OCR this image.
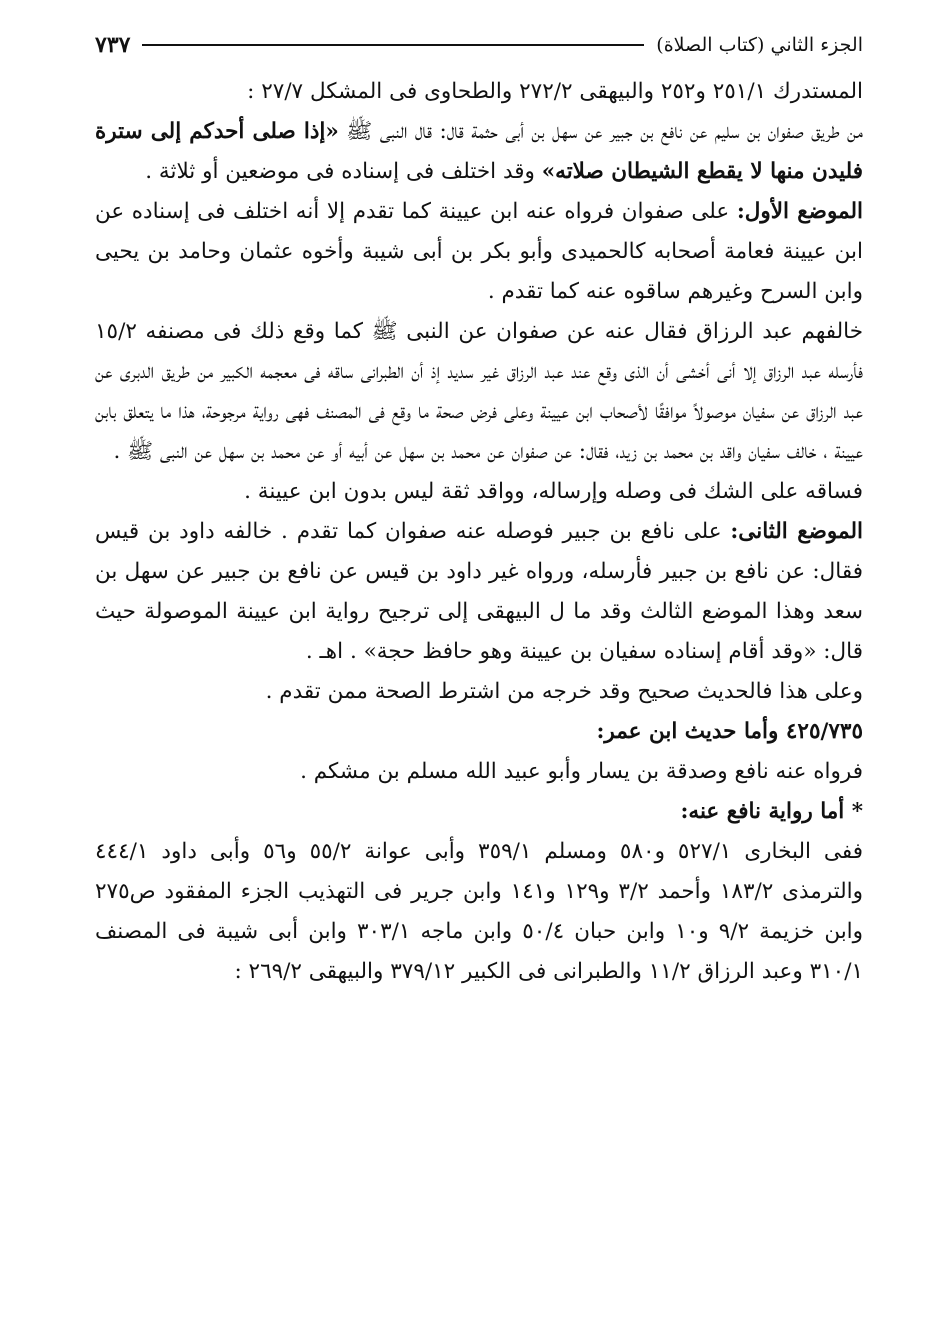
الجزء الثاني (كتاب الصلاة)
٧٣٧

المستدرك ٢٥١/١ و٢٥٢ والبيهقى ٢٧٢/٢ والطحاوى فى المشكل ٢٧/٧ :

من طريق صفوان بن سليم عن نافع بن جبير عن سهل بن أبى حثمة قال: قال النبى ﷺ «إذا صلى أحدكم إلى سترة فليدن منها لا يقطع الشيطان صلاته» وقد اختلف فى إسناده فى موضعين أو ثلاثة .

الموضع الأول: على صفوان فرواه عنه ابن عيينة كما تقدم إلا أنه اختلف فى إسناده عن ابن عيينة فعامة أصحابه كالحميدى وأبو بكر بن أبى شيبة وأخوه عثمان وحامد بن يحيى وابن السرح وغيرهم ساقوه عنه كما تقدم .

خالفهم عبد الرزاق فقال عنه عن صفوان عن النبى ﷺ كما وقع ذلك فى مصنفه ١٥/٢ فأرسله عبد الرزاق إلا أنى أخشى أن الذى وقع عند عبد الرزاق غير سديد إذ أن الطبرانى ساقه فى معجمه الكبير من طريق الدبرى عن عبد الرزاق عن سفيان موصولاً موافقًا لأصحاب ابن عيينة وعلى فرض صحة ما وقع فى المصنف فهى رواية مرجوحة، هذا ما يتعلق بابن عيينة ، خالف سفيان واقد بن محمد بن زيد، فقال: عن صفوان عن محمد بن سهل عن أبيه أو عن محمد بن سهل عن النبى ﷺ .

فساقه على الشك فى وصله وإرساله، وواقد ثقة ليس بدون ابن عيينة .

الموضع الثانى: على نافع بن جبير فوصله عنه صفوان كما تقدم . خالفه داود بن قيس فقال: عن نافع بن جبير فأرسله، ورواه غير داود بن قيس عن نافع بن جبير عن سهل بن سعد وهذا الموضع الثالث وقد ما ل البيهقى إلى ترجيح رواية ابن عيينة الموصولة حيث قال: «وقد أقام إسناده سفيان بن عيينة وهو حافظ حجة» . اهـ .

وعلى هذا فالحديث صحيح وقد خرجه من اشترط الصحة ممن تقدم .

٤٢٥/٧٣٥ وأما حديث ابن عمر:

فرواه عنه نافع وصدقة بن يسار وأبو عبيد الله مسلم بن مشكم .

* أما رواية نافع عنه:

ففى البخارى ٥٢٧/١ و٥٨٠ ومسلم ٣٥٩/١ وأبى عوانة ٥٥/٢ و٥٦ وأبى داود ٤٤٤/١ والترمذى ١٨٣/٢ وأحمد ٣/٢ و١٢٩ و١٤١ وابن جرير فى التهذيب الجزء المفقود ص٢٧٥ وابن خزيمة ٩/٢ و١٠ وابن حبان ٥٠/٤ وابن ماجه ٣٠٣/١ وابن أبى شيبة فى المصنف ٣١٠/١ وعبد الرزاق ١١/٢ والطبرانى فى الكبير ٣٧٩/١٢ والبيهقى ٢٦٩/٢ :
